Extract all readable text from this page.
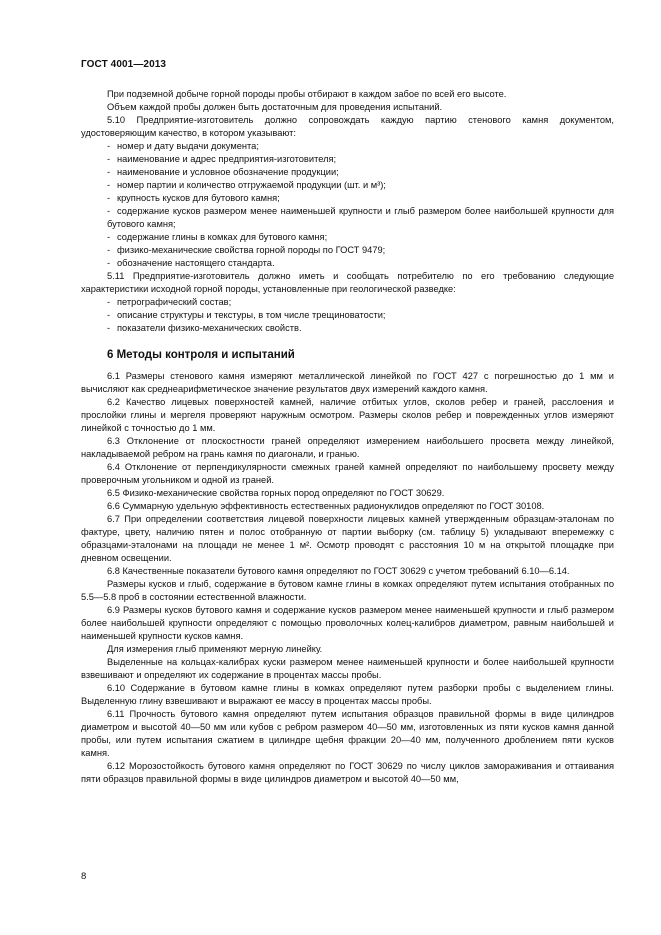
ГОСТ 4001—2013

При подземной добыче горной породы пробы отбирают в каждом забое по всей его высоте.

Объем каждой пробы должен быть достаточным для проведения испытаний.

5.10 Предприятие-изготовитель должно сопровождать каждую партию стенового камня документом, удостоверяющим качество, в котором указывают:

- номер и дату выдачи документа;

- наименование и адрес предприятия-изготовителя;

- наименование и условное обозначение продукции;

- номер партии и количество отгружаемой продукции (шт. и м³);

- крупность кусков для бутового камня;

- содержание кусков размером менее наименьшей крупности и глыб размером более наибольшей крупности для бутового камня;

- содержание глины в комках для бутового камня;

- физико-механические свойства горной породы по ГОСТ 9479;

- обозначение настоящего стандарта.

5.11 Предприятие-изготовитель должно иметь и сообщать потребителю по его требованию следующие характеристики исходной горной породы, установленные при геологической разведке:

- петрографический состав;

- описание структуры и текстуры, в том числе трещиноватости;

- показатели физико-механических свойств.

6 Методы контроля и испытаний

6.1 Размеры стенового камня измеряют металлической линейкой по ГОСТ 427 с погрешностью до 1 мм и вычисляют как среднеарифметическое значение результатов двух измерений каждого камня.

6.2 Качество лицевых поверхностей камней, наличие отбитых углов, сколов ребер и граней, расслоения и прослойки глины и мергеля проверяют наружным осмотром. Размеры сколов ребер и поврежденных углов измеряют линейкой с точностью до 1 мм.

6.3 Отклонение от плоскостности граней определяют измерением наибольшего просвета между линейкой, накладываемой ребром на грань камня по диагонали, и гранью.

6.4 Отклонение от перпендикулярности смежных граней камней определяют по наибольшему просвету между проверочным угольником и одной из граней.

6.5 Физико-механические свойства горных пород определяют по ГОСТ 30629.

6.6 Суммарную удельную эффективность естественных радионуклидов определяют по ГОСТ 30108.

6.7 При определении соответствия лицевой поверхности лицевых камней утвержденным образцам-эталонам по фактуре, цвету, наличию пятен и полос отобранную от партии выборку (см. таблицу 5) укладывают вперемежку с образцами-эталонами на площади не менее 1 м². Осмотр проводят с расстояния 10 м на открытой площадке при дневном освещении.

6.8 Качественные показатели бутового камня определяют по ГОСТ 30629 с учетом требований 6.10—6.14.

Размеры кусков и глыб, содержание в бутовом камне глины в комках определяют путем испытания отобранных по 5.5—5.8 проб в состоянии естественной влажности.

6.9 Размеры кусков бутового камня и содержание кусков размером менее наименьшей крупности и глыб размером более наибольшей крупности определяют с помощью проволочных колец-калибров диаметром, равным наибольшей и наименьшей крупности кусков камня.

Для измерения глыб применяют мерную линейку.

Выделенные на кольцах-калибрах куски размером менее наименьшей крупности и более наибольшей крупности взвешивают и определяют их содержание в процентах массы пробы.

6.10 Содержание в бутовом камне глины в комках определяют путем разборки пробы с выделением глины. Выделенную глину взвешивают и выражают ее массу в процентах массы пробы.

6.11 Прочность бутового камня определяют путем испытания образцов правильной формы в виде цилиндров диаметром и высотой 40—50 мм или кубов с ребром размером 40—50 мм, изготовленных из пяти кусков камня данной пробы, или путем испытания сжатием в цилиндре щебня фракции 20—40 мм, полученного дроблением пяти кусков камня.

6.12 Морозостойкость бутового камня определяют по ГОСТ 30629 по числу циклов замораживания и оттаивания пяти образцов правильной формы в виде цилиндров диаметром и высотой 40—50 мм,

8
